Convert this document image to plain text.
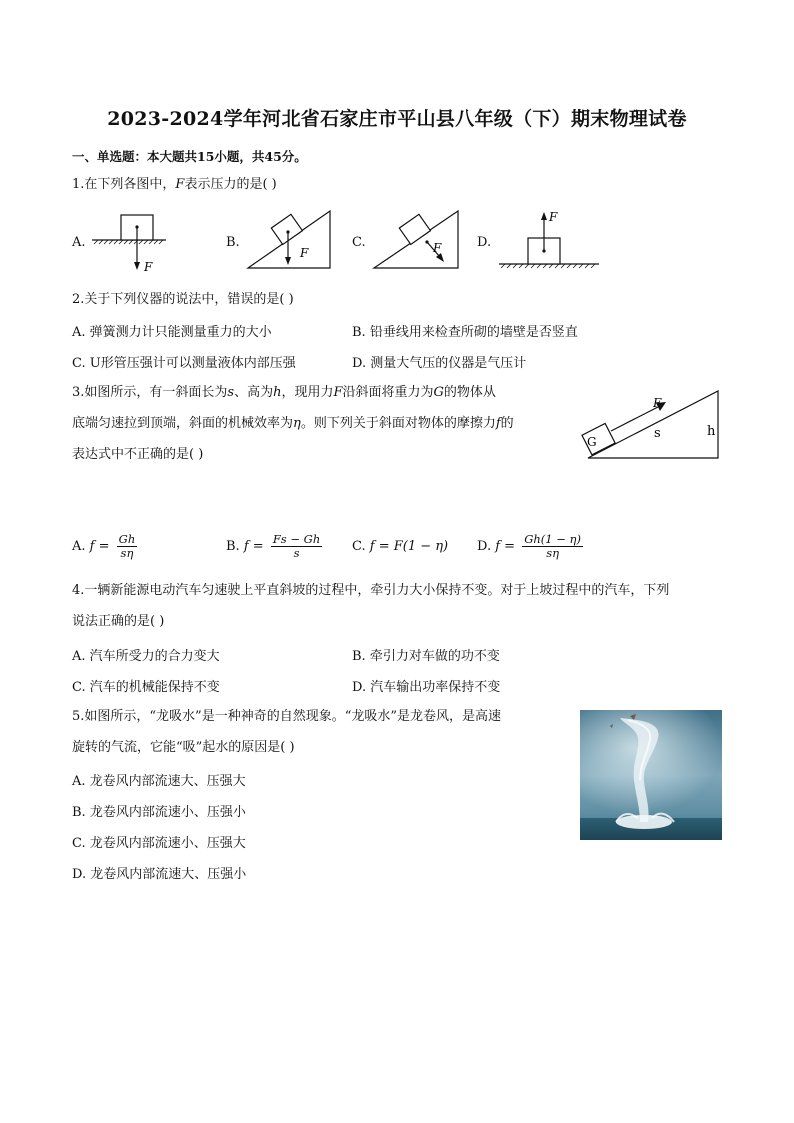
2023-2024学年河北省石家庄市平山县八年级（下）期末物理试卷
一、单选题：本大题共15小题，共45分。
1.在下列各图中，F表示压力的是( )
A.
F
B.
F
C.	F	D.
F
2.关于下列仪器的说法中，错误的是( )
A. 弹簧测力计只能测量重力的大小	B. 铅垂线用来检查所砌的墙壁是否竖直
C. U形管压强计可以测量液体内部压强	D. 测量大气压的仪器是气压计
3.如图所示，有一斜面长为s、高为h，现用力F沿斜面将重力为G的物体从
底端匀速拉到顶端，斜面的机械效率为η。则下列关于斜面对物体的摩擦力f的
表达式中不正确的是( )
G
F
s	h
A. $f = \frac{Gh}{s\eta}$	B. $f = \frac{Fs - Gh}{s} C$. f = F(1 − η) D. $f = \frac{Gh(1 - \eta)}{s\eta}$
4.一辆新能源电动汽车匀速驶上平直斜坡的过程中，牵引力大小保持不变。对于上坡过程中的汽车，下列
说法正确的是( )
A. 汽车所受力的合力变大	B. 牵引力对车做的功不变
C. 汽车的机械能保持不变	D. 汽车输出功率保持不变
5.如图所示，“龙吸水”是一种神奇的自然现象。“龙吸水”是龙卷风，是高速
旋转的气流，它能“吸”起水的原因是( )
A. 龙卷风内部流速大、压强大
B. 龙卷风内部流速小、压强小
C. 龙卷风内部流速小、压强大
D. 龙卷风内部流速大、压强小
